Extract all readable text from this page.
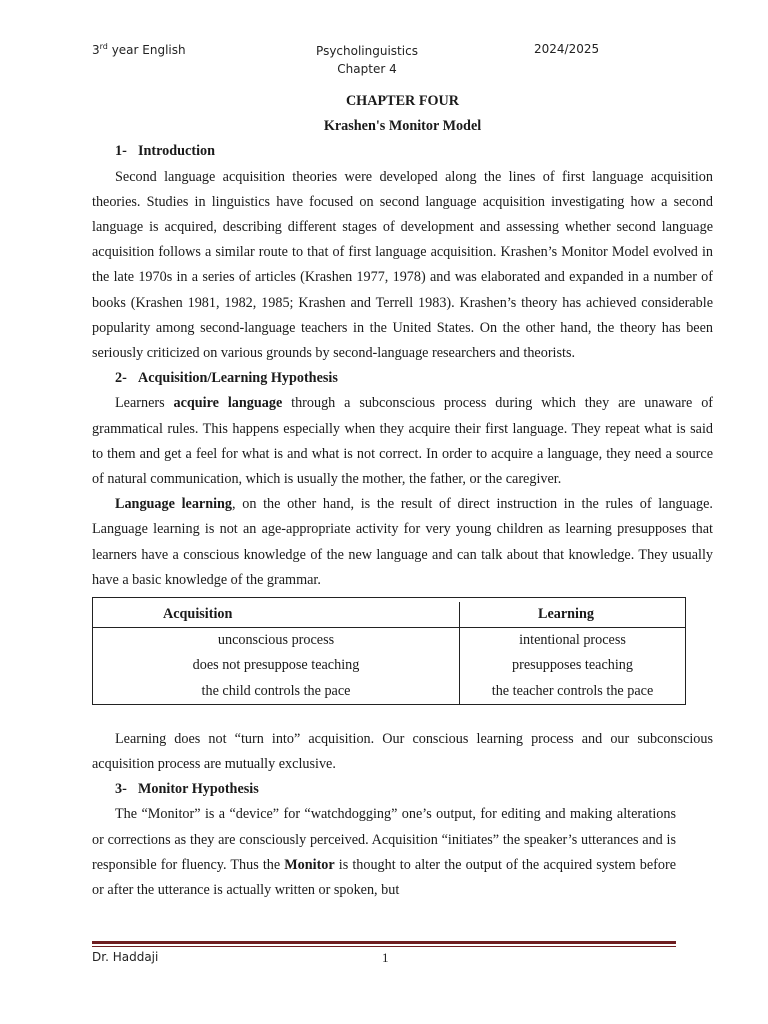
3rd year English	Psycholinguistics
Chapter 4
2024/2025

CHAPTER FOUR

Krashen's Monitor Model

1- Introduction

Second language acquisition theories were developed along the lines of first language acquisition theories. Studies in linguistics have focused on second language acquisition investigating how a second language is acquired, describing different stages of development and assessing whether second language acquisition follows a similar route to that of first language acquisition. Krashen’s Monitor Model evolved in the late 1970s in a series of articles (Krashen 1977, 1978) and was elaborated and expanded in a number of books (Krashen 1981, 1982, 1985; Krashen and Terrell 1983). Krashen’s theory has achieved considerable popularity among second-language teachers in the United States. On the other hand, the theory has been seriously criticized on various grounds by second-language researchers and theorists.

2- Acquisition/Learning Hypothesis

Learners acquire language through a subconscious process during which they are unaware of grammatical rules. This happens especially when they acquire their first language. They repeat what is said to them and get a feel for what is and what is not correct. In order to acquire a language, they need a source of natural communication, which is usually the mother, the father, or the caregiver.

Language learning, on the other hand, is the result of direct instruction in the rules of language. Language learning is not an age-appropriate activity for very young children as learning presupposes that learners have a conscious knowledge of the new language and can talk about that knowledge. They usually have a basic knowledge of the grammar.

Acquisition	Learning
unconscious process	intentional process
does not presuppose teaching	presupposes teaching
the child controls the pace	the teacher controls the pace

Learning does not “turn into” acquisition. Our conscious learning process and our subconscious acquisition process are mutually exclusive.

3- Monitor Hypothesis

The “Monitor” is a “device” for “watchdogging” one’s output, for editing and making alterations or corrections as they are consciously perceived. Acquisition “initiates” the speaker’s utterances and is responsible for fluency. Thus the Monitor is thought to alter the output of the acquired system before or after the utterance is actually written or spoken, but

Dr. Haddaji	1
